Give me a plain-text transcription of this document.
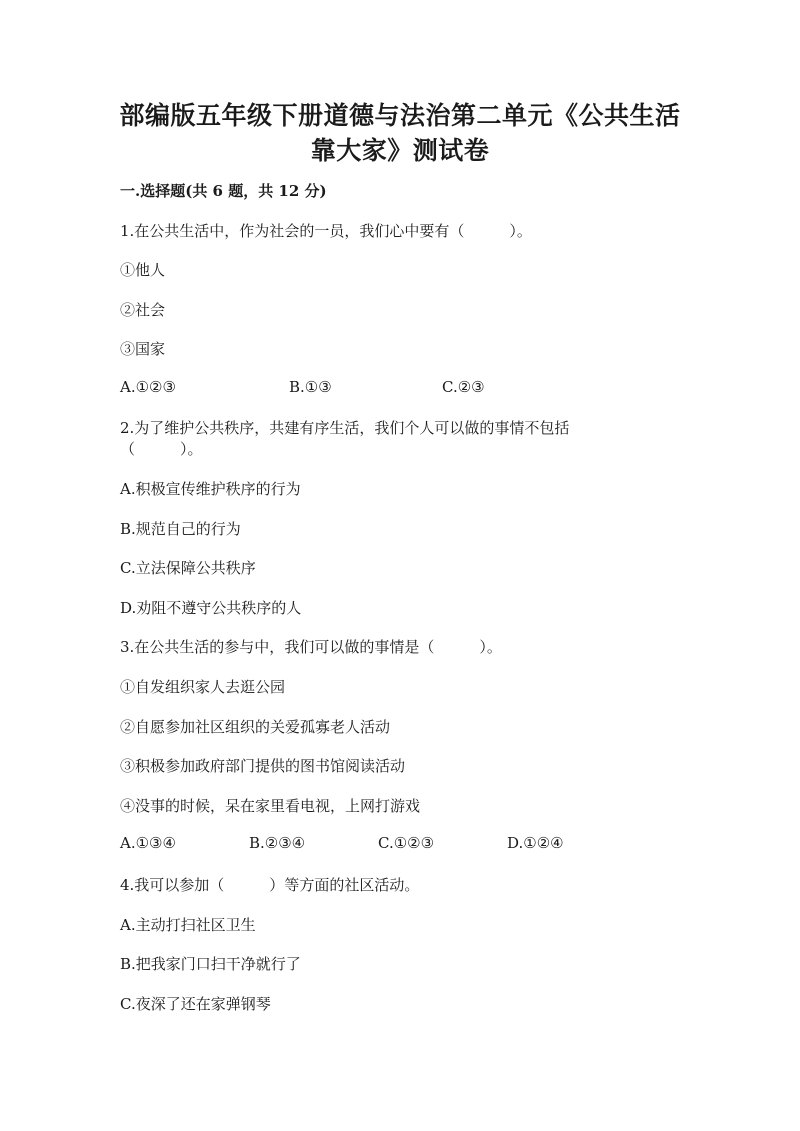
部编版五年级下册道德与法治第二单元《公共生活
靠大家》测试卷
一.选择题(共 6 题，共 12 分)
1.在公共生活中，作为社会的一员，我们心中要有（　　　）。
①他人
②社会
③国家
A.①②③	B.①③	C.②③
2.为了维护公共秩序，共建有序生活，我们个人可以做的事情不包括
（　　　）。
A.积极宣传维护秩序的行为
B.规范自己的行为
C.立法保障公共秩序
D.劝阻不遵守公共秩序的人
3.在公共生活的参与中，我们可以做的事情是（　　　）。
①自发组织家人去逛公园
②自愿参加社区组织的关爱孤寡老人活动
③积极参加政府部门提供的图书馆阅读活动
④没事的时候，呆在家里看电视，上网打游戏
A.①③④	B.②③④	C.①②③	D.①②④
4.我可以参加（　　　）等方面的社区活动。
A.主动打扫社区卫生
B.把我家门口扫干净就行了
C.夜深了还在家弹钢琴
